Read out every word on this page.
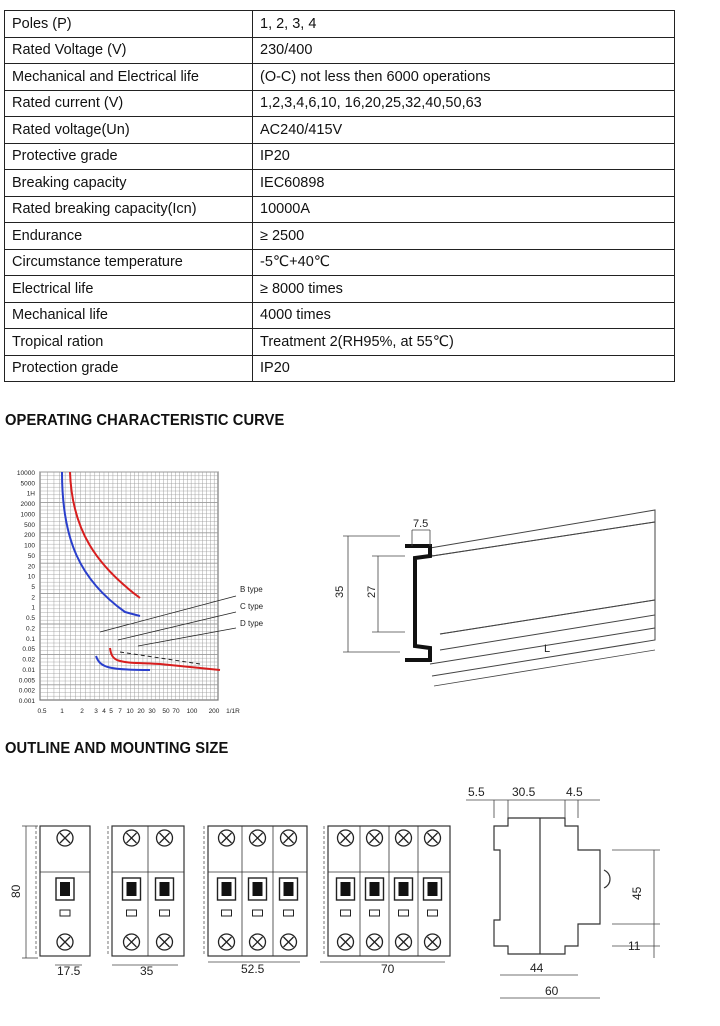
Poles (P)	1, 2, 3, 4
Rated Voltage (V)	230/400
Mechanical and Electrical life	(O-C) not less then 6000 operations
Rated current (V)	1,2,3,4,6,10, 16,20,25,32,40,50,63
Rated voltage(Un)	AC240/415V
Protective grade	IP20
Breaking capacity	IEC60898
Rated breaking capacity(Icn)	10000A
Endurance	≥ 2500
Circumstance temperature	-5℃+40℃
Electrical life	≥ 8000 times
Mechanical life	4000 times
Tropical ration	Treatment 2(RH95%, at 55℃)
Protection grade	IP20
OPERATING CHARACTERISTIC CURVE
10000
5000
1H
2000
1000
500
200
100
50
20
10
5
2
1
0.5
0.2
0.1
0.05
0.02
0.01
0.005
0.002
0.001
0.5 1	2 3 4 5 7 10 20 30 50 70 100 200 1/1R
B type
C type
D type
7.5
35 27
L
OUTLINE AND MOUNTING SIZE
80
17.5	35	52.5	70
5.5 30.5	4.5
45
11
44
60
